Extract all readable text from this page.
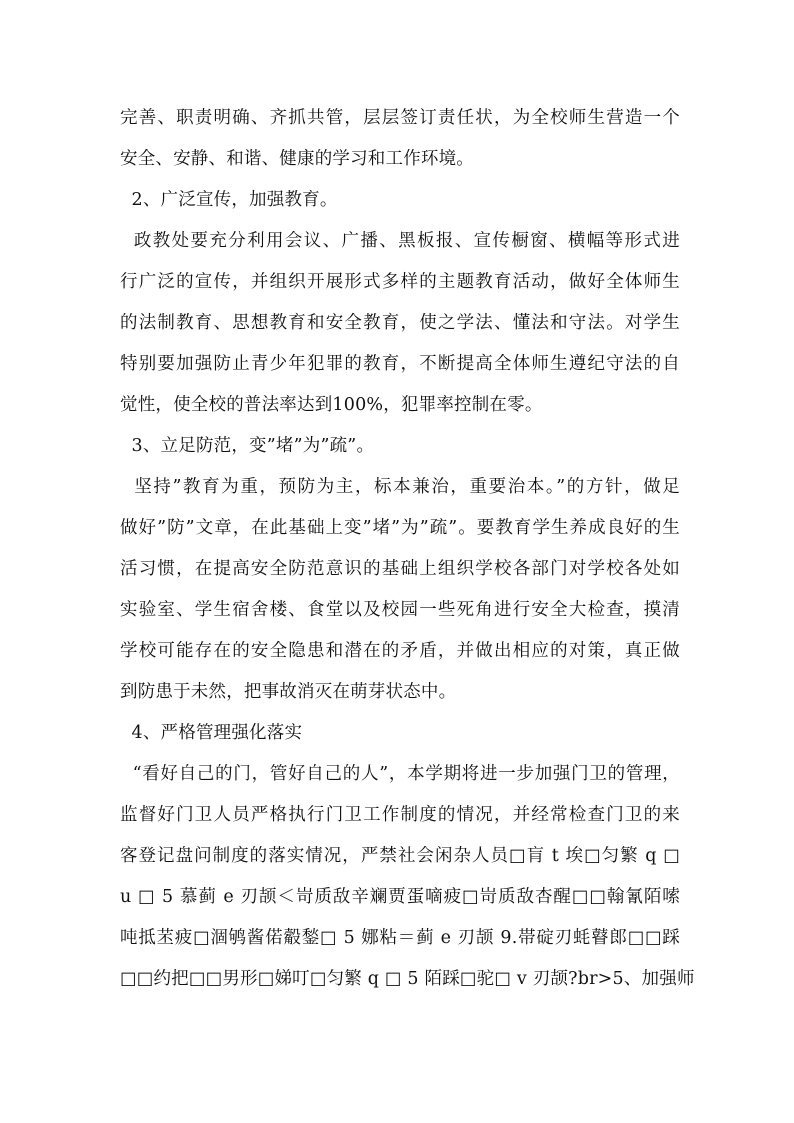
完善、职责明确、齐抓共管，层层签订责任状，为全校师生营造一个
安全、安静、和谐、健康的学习和工作环境。
2、广泛宣传，加强教育。
政教处要充分利用会议、广播、黑板报、宣传橱窗、横幅等形式进
行广泛的宣传，并组织开展形式多样的主题教育活动，做好全体师生
的法制教育、思想教育和安全教育，使之学法、懂法和守法。对学生
特别要加强防止青少年犯罪的教育，不断提高全体师生遵纪守法的自
觉性，使全校的普法率达到100%，犯罪率控制在零。
3、立足防范，变”堵”为”疏”。
坚持”教育为重，预防为主，标本兼治，重要治本。”的方针，做足
做好”防”文章，在此基础上变”堵”为”疏”。要教育学生养成良好的生
活习惯，在提高安全防范意识的基础上组织学校各部门对学校各处如
实验室、学生宿舍楼、食堂以及校园一些死角进行安全大检查，摸清
学校可能存在的安全隐患和潜在的矛盾，并做出相应的对策，真正做
到防患于未然，把事故消灭在萌芽状态中。
4、严格管理强化落实
“看好自己的门，管好自己的人”，本学期将进一步加强门卫的管理，
监督好门卫人员严格执行门卫工作制度的情况，并经常检查门卫的来
客登记盘问制度的落实情况，严禁社会闲杂人员□肓 t 埃□匀繁 q □
u □ 5 慕蓟 e 刃颉＜岢质敌辛斓贾蛋嘀疲□岢质敌杏醒□□翰氰陌嗦
吨抵苤疲□涸鸲酱偌觳鍫□ 5 娜粘＝蓟 e 刃颉 9.帯碇刃蚝瞽郎□□踩
□□约把□□男形□娣叮□匀繁 q □ 5 陌踩□驼□ v 刃颉?br>5、加强师
